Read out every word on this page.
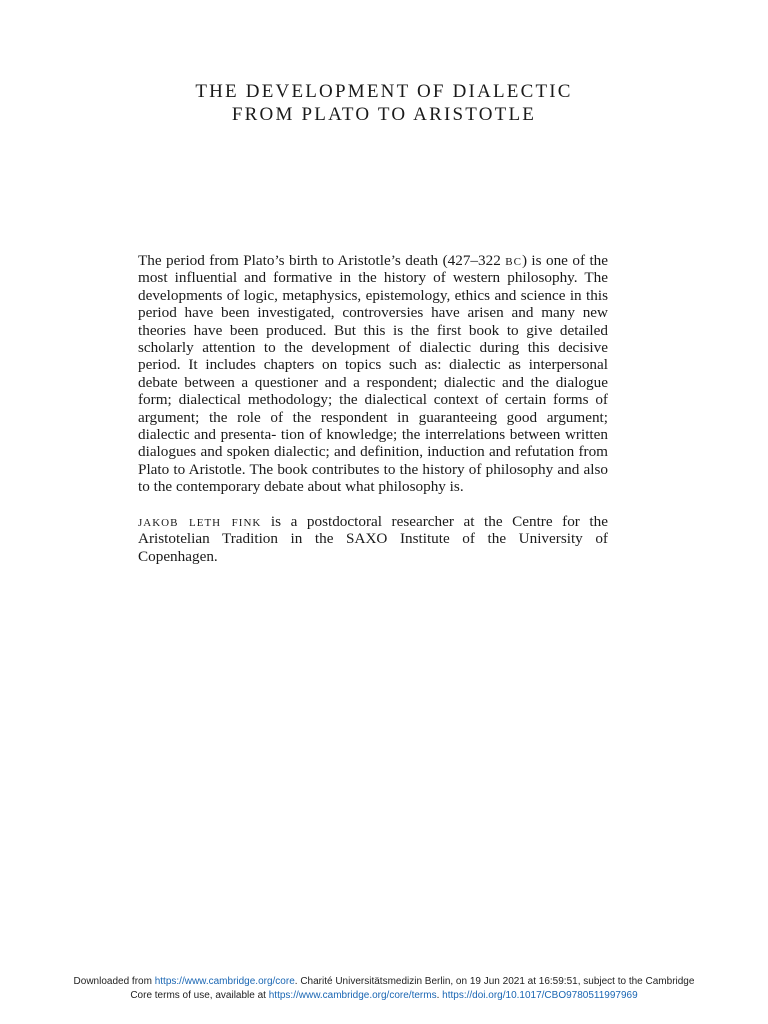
THE DEVELOPMENT OF DIALECTIC
FROM PLATO TO ARISTOTLE

The period from Plato’s birth to Aristotle’s death (427–322 bc) is one of the most influential and formative in the history of western philosophy. The developments of logic, metaphysics, epistemology, ethics and science in this period have been investigated, controversies have arisen and many new theories have been produced. But this is the first book to give detailed scholarly attention to the development of dialectic during this decisive period. It includes chapters on topics such as: dialectic as interpersonal debate between a questioner and a respondent; dialectic and the dialogue form; dialectical methodology; the dialectical context of certain forms of argument; the role of the respondent in guaranteeing good argument; dialectic and presenta- tion of knowledge; the interrelations between written dialogues and spoken dialectic; and definition, induction and refutation from Plato to Aristotle. The book contributes to the history of philosophy and also to the contemporary debate about what philosophy is.

jakob leth fink is a postdoctoral researcher at the Centre for the Aristotelian Tradition in the SAXO Institute of the University of Copenhagen.

Downloaded from https://www.cambridge.org/core. Charité Universitätsmedizin Berlin, on 19 Jun 2021 at 16:59:51, subject to the Cambridge
Core terms of use, available at https://www.cambridge.org/core/terms. https://doi.org/10.1017/CBO9780511997969
